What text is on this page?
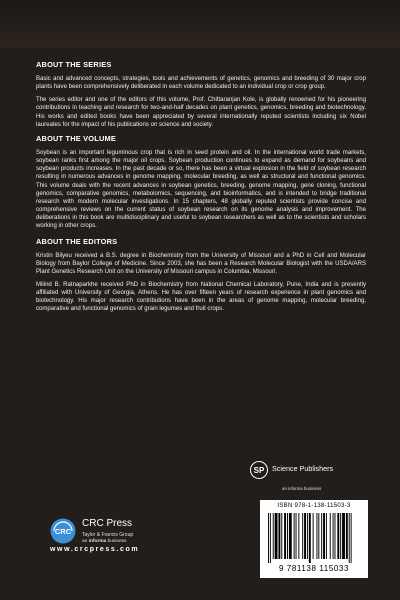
ABOUT THE SERIES

Basic and advanced concepts, strategies, tools and achievements of genetics, genomics and breeding of 30 major crop plants have been comprehensively deliberated in each volume dedicated to an individual crop or crop group.

The series editor and one of the editors of this volume, Prof. Chittaranjan Kole, is globally renowned for his pioneering contributions in teaching and research for two-and-half decades on plant genetics, genomics, breeding and biotechnology. His works and edited books have been appreciated by several internationally reputed scientists including six Nobel laureates for the impact of his publications on science and society.

ABOUT THE VOLUME

Soybean is an important leguminous crop that is rich in seed protein and oil. In the international world trade markets, soybean ranks first among the major oil crops. Soybean production continues to expand as demand for soybeans and soybean products increases. In the past decade or so, there has been a virtual explosion in the field of soybean research resulting in numerous advances in genome mapping, molecular breeding, as well as structural and functional genomics. This volume deals with the recent advances in soybean genetics, breeding, genome mapping, gene cloning, functional genomics, comparative genomics, metabolomics, sequencing, and bioinformatics, and is intended to bridge traditional research with modern molecular investigations. In 15 chapters, 48 globally reputed scientists provide concise and comprehensive reviews on the current status of soybean research on its genome analysis and improvement. The deliberations in this book are multidisciplinary and useful to soybean researchers as well as to the scientists and scholars working in other crops.

ABOUT THE EDITORS

Kristin Bilyeu received a B.S. degree in Biochemistry from the University of Missouri and a PhD in Cell and Molecular Biology from Baylor College of Medicine. Since 2003, she has been a Research Molecular Biologist with the USDA/ARS Plant Genetics Research Unit on the University of Missouri campus in Columbia, Missouri.

Milind B. Ratnaparkhe received PhD in Biochemistry from National Chemical Laboratory, Pune, India and is presently affiliated with University of Georgia, Athens. He has over fifteen years of research experience in plant genomics and biotechnology. His major research contributions have been in the areas of genome mapping, molecular breeding, comparative and functional genomics of grain legumes and fruit crops.

SP Science Publishers
an informa business
ISBN 978-1-138-11503-3
9 781138 115033
CRC
CRC Press
Taylor & Francis Group
an informa business
www.crcpress.com
